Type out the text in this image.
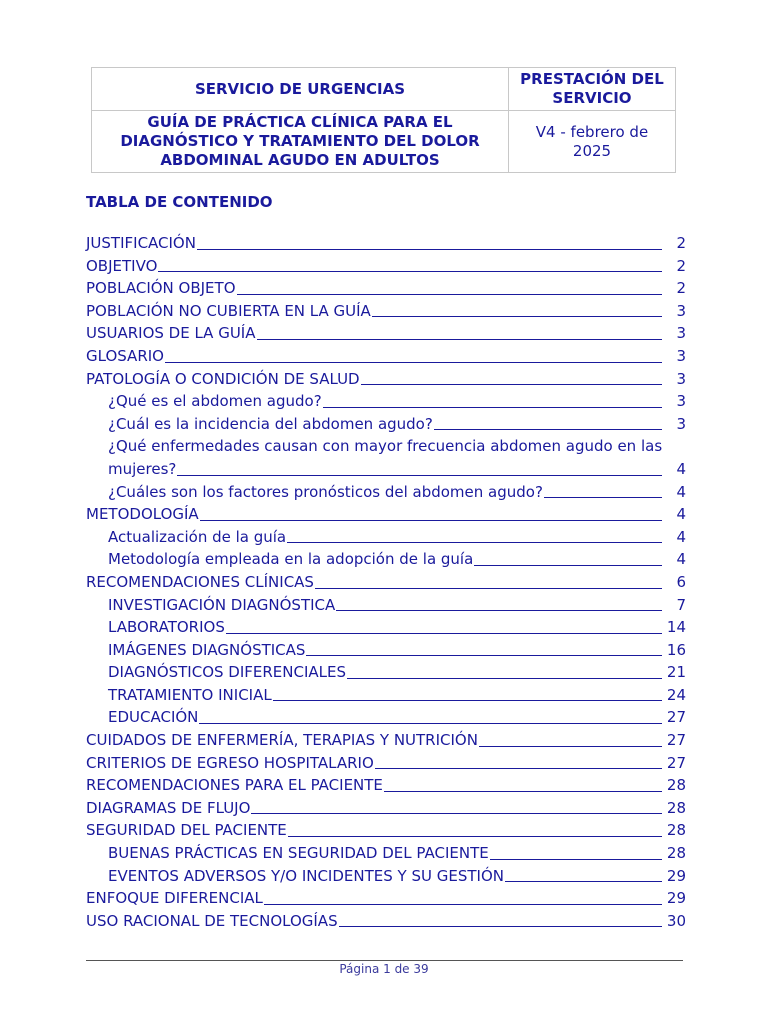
SERVICIO DE URGENCIAS	PRESTACIÓN DEL SERVICIO
GUÍA DE PRÁCTICA CLÍNICA PARA EL DIAGNÓSTICO Y TRATAMIENTO DEL DOLOR ABDOMINAL AGUDO EN ADULTOS	V4 - febrero de 2025
TABLA DE CONTENIDO
JUSTIFICACIÓN	2
OBJETIVO	2
POBLACIÓN OBJETO	2
POBLACIÓN NO CUBIERTA EN LA GUÍA	3
USUARIOS DE LA GUÍA	3
GLOSARIO	3
PATOLOGÍA O CONDICIÓN DE SALUD	3
¿Qué es el abdomen agudo?	3
¿Cuál es la incidencia del abdomen agudo?	3
¿Qué enfermedades causan con mayor frecuencia abdomen agudo en las
mujeres?	4
¿Cuáles son los factores pronósticos del abdomen agudo?	4
METODOLOGÍA	4
Actualización de la guía	4
Metodología empleada en la adopción de la guía	4
RECOMENDACIONES CLÍNICAS	6
INVESTIGACIÓN DIAGNÓSTICA	7
LABORATORIOS	14
IMÁGENES DIAGNÓSTICAS	16
DIAGNÓSTICOS DIFERENCIALES	21
TRATAMIENTO INICIAL	24
EDUCACIÓN	27
CUIDADOS DE ENFERMERÍA, TERAPIAS Y NUTRICIÓN	27
CRITERIOS DE EGRESO HOSPITALARIO	27
RECOMENDACIONES PARA EL PACIENTE	28
DIAGRAMAS DE FLUJO	28
SEGURIDAD DEL PACIENTE	28
BUENAS PRÁCTICAS EN SEGURIDAD DEL PACIENTE	28
EVENTOS ADVERSOS Y/O INCIDENTES Y SU GESTIÓN	29
ENFOQUE DIFERENCIAL	29
USO RACIONAL DE TECNOLOGÍAS	30
Página 1 de 39
